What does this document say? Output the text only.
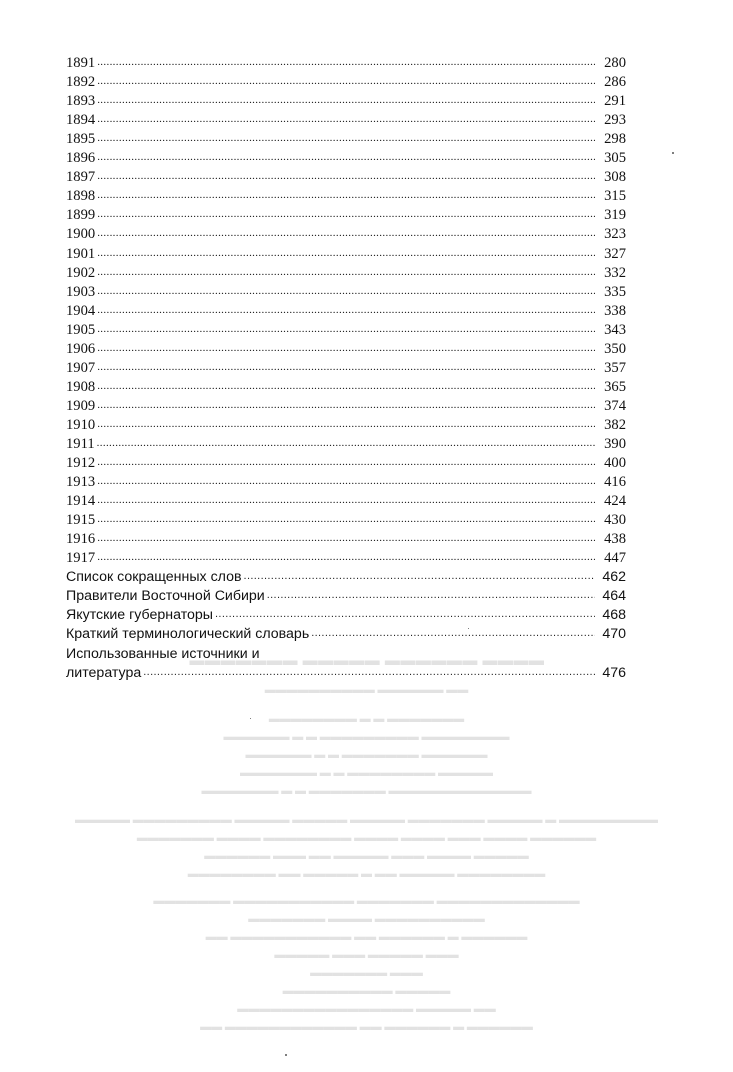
▬▬▬▬ ▬▬▬▬▬▬ ▬▬▬▬▬ ▬▬▬▬▬▬▬
▬▬ ▬▬▬▬▬▬ ▬▬▬▬▬▬▬▬▬▬
▬▬▬▬▬▬▬ ▬ ▬ ▬▬▬▬▬▬▬▬
▬▬▬▬▬▬▬▬ ▬▬▬▬▬▬▬▬▬ ▬ ▬ ▬▬▬▬▬▬
▬▬▬▬▬▬ ▬▬▬▬▬▬▬ ▬ ▬ ▬▬▬▬▬▬
▬▬▬▬▬ ▬▬▬▬▬▬▬▬ ▬ ▬ ▬▬▬▬▬▬▬
▬▬▬▬▬▬▬▬▬▬▬▬▬ ▬▬▬▬▬▬▬ ▬ ▬ ▬▬▬▬▬▬▬
▬▬▬▬▬▬▬▬▬ ▬ ▬▬▬▬▬ ▬▬▬▬▬▬▬ ▬▬▬▬▬ ▬▬▬▬▬ ▬▬▬▬▬ ▬▬▬▬▬▬▬▬▬ ▬▬▬▬▬
▬▬▬▬▬▬ ▬▬▬▬ ▬▬▬ ▬▬▬▬ ▬▬▬▬ ▬▬▬▬▬▬▬▬ ▬▬▬▬ ▬▬▬▬▬▬▬
▬▬▬▬▬ ▬▬▬▬ ▬▬▬ ▬▬▬▬▬ ▬▬ ▬▬▬ ▬▬▬▬▬▬
▬▬▬▬▬▬▬▬ ▬▬▬▬▬ ▬▬ ▬ ▬▬▬▬▬ ▬▬ ▬▬▬▬▬▬▬▬
▬▬▬▬▬▬▬▬▬▬▬▬▬ ▬▬▬▬▬▬▬ ▬▬▬▬▬▬▬▬▬▬▬ ▬▬▬▬▬▬▬
▬▬▬▬▬▬▬▬▬▬ ▬▬▬▬ ▬▬▬▬▬▬▬
▬▬▬▬▬▬ ▬ ▬▬▬▬▬▬ ▬▬ ▬▬▬▬▬▬▬▬▬▬▬ ▬▬
▬▬▬ ▬▬▬▬▬ ▬▬▬ ▬▬▬▬▬
▬▬▬ ▬▬▬▬▬▬▬
▬▬▬▬▬ ▬▬▬▬▬▬▬▬▬▬
▬▬ ▬▬▬▬▬ ▬▬▬▬▬▬▬▬▬▬▬▬▬▬▬▬
▬▬▬▬▬▬ ▬ ▬▬▬▬▬▬ ▬▬ ▬▬▬▬▬▬▬▬▬▬▬▬ ▬▬
1891 .....	280
1892 .....	286
1893 .....	291
1894 .....	293
1895 .....	298
1896 .....	305
1897 .....	308
1898 .....	315
1899 .....	319
1900 .....	323
1901 .....	327
1902 .....	332
1903 .....	335
1904 .....	338
1905 .....	343
1906 .....	350
1907 .....	357
1908 .....	365
1909 .....	374
1910 .....	382
1911 .....	390
1912 .....	400
1913 .....	416
1914 .....	424
1915 .....	430
1916 .....	438
1917 .....	447
Список сокращенных слов .....	462
Правители Восточной Сибири .....	464
Якутские губернаторы .....	468
Краткий терминологический словарь .....	470
Использованные источники и
литература .....	476
